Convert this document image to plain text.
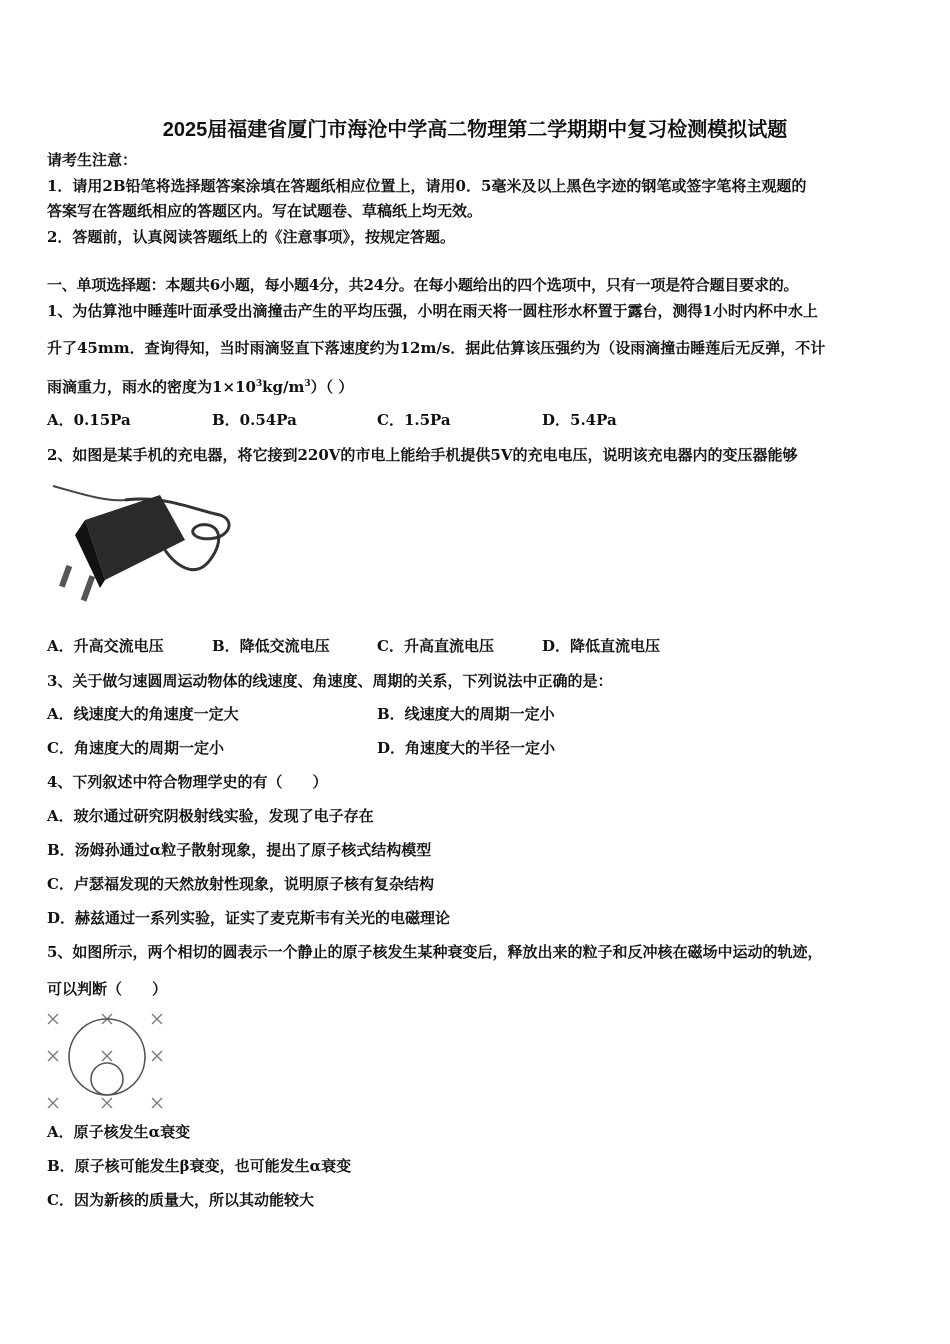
2025届福建省厦门市海沧中学高二物理第二学期期中复习检测模拟试题
请考生注意：
1．请用2B铅笔将选择题答案涂填在答题纸相应位置上，请用0．5毫米及以上黑色字迹的钢笔或签字笔将主观题的
答案写在答题纸相应的答题区内。写在试题卷、草稿纸上均无效。
2．答题前，认真阅读答题纸上的《注意事项》，按规定答题。
一、单项选择题：本题共6小题，每小题4分，共24分。在每小题给出的四个选项中，只有一项是符合题目要求的。
1、为估算池中睡莲叶面承受出滴撞击产生的平均压强，小明在雨天将一圆柱形水杯置于露台，测得1小时内杯中水上
升了45mm．查询得知，当时雨滴竖直下落速度约为12m/s．据此估算该压强约为（设雨滴撞击睡莲后无反弹，不计
雨滴重力，雨水的密度为$1\times 10^3kg/m^3$）（ ）
A．0.15Pa	B．0.54Pa	C．1.5Pa	D．5.4Pa
2、如图是某手机的充电器，将它接到220V的市电上能给手机提供5V的充电电压，说明该充电器内的变压器能够
A．升高交流电压	B．降低交流电压	C．升高直流电压	D．降低直流电压
3、关于做匀速圆周运动物体的线速度、角速度、周期的关系，下列说法中正确的是：
A．线速度大的角速度一定大	B．线速度大的周期一定小
C．角速度大的周期一定小	D．角速度大的半径一定小
4、下列叙述中符合物理学史的有（　　）
A．玻尔通过研究阴极射线实验，发现了电子存在
B．汤姆孙通过α粒子散射现象，提出了原子核式结构模型
C．卢瑟福发现的天然放射性现象，说明原子核有复杂结构
D．赫兹通过一系列实验，证实了麦克斯韦有关光的电磁理论
5、如图所示，两个相切的圆表示一个静止的原子核发生某种衰变后，释放出来的粒子和反冲核在磁场中运动的轨迹，
可以判断（　　）
A．原子核发生α衰变
B．原子核可能发生β衰变，也可能发生α衰变
C．因为新核的质量大，所以其动能较大
